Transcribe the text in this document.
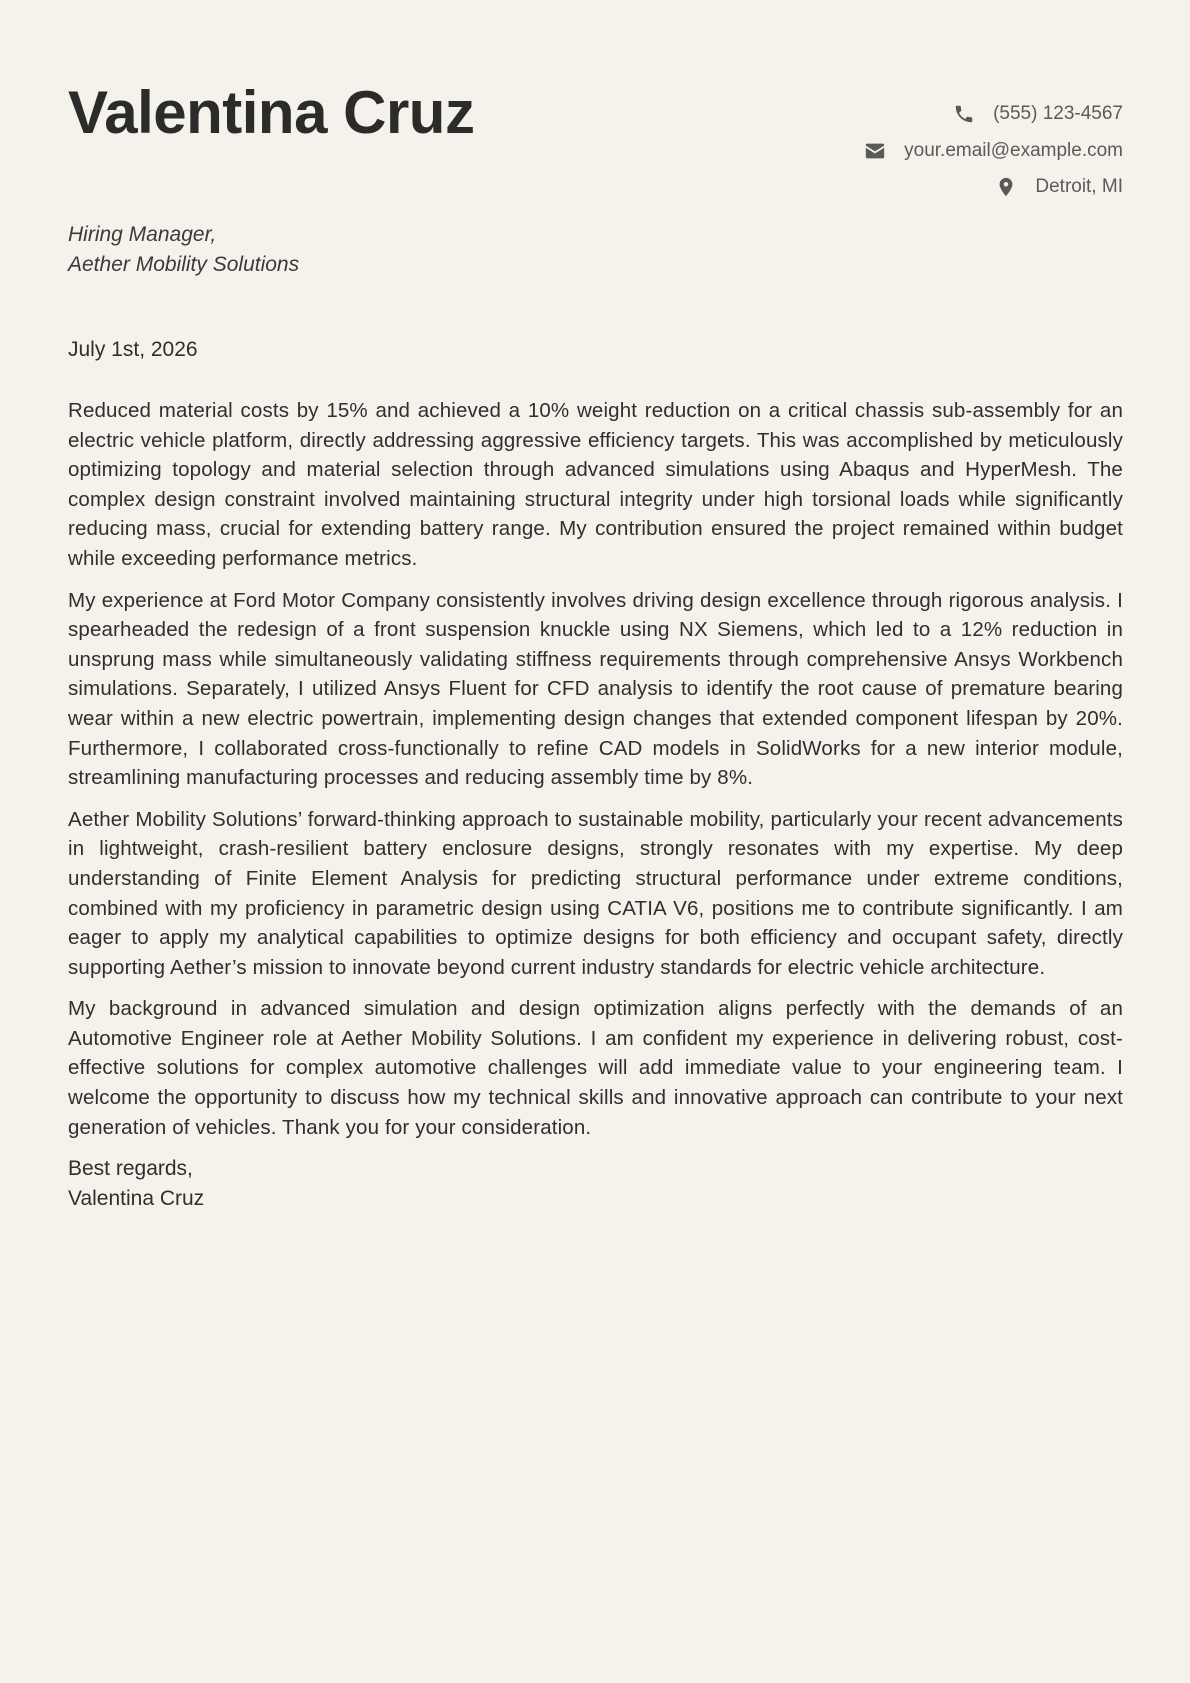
Valentina Cruz	(555) 123-4567
your.email@example.com
Detroit, MI
Hiring Manager,
Aether Mobility Solutions
July 1st, 2026

Reduced material costs by 15% and achieved a 10% weight reduction on a critical chassis sub-assembly for an electric vehicle platform, directly addressing aggressive efficiency targets. This was accomplished by meticulously optimizing topology and material selection through advanced simulations using Abaqus and HyperMesh. The complex design constraint involved maintaining structural integrity under high torsional loads while significantly reducing mass, crucial for extending battery range. My contribution ensured the project remained within budget while exceeding performance metrics.

My experience at Ford Motor Company consistently involves driving design excellence through rigorous analysis. I spearheaded the redesign of a front suspension knuckle using NX Siemens, which led to a 12% reduction in unsprung mass while simultaneously validating stiffness requirements through comprehensive Ansys Workbench simulations. Separately, I utilized Ansys Fluent for CFD analysis to identify the root cause of premature bearing wear within a new electric powertrain, implementing design changes that extended component lifespan by 20%. Furthermore, I collaborated cross-functionally to refine CAD models in SolidWorks for a new interior module, streamlining manufacturing processes and reducing assembly time by 8%.

Aether Mobility Solutions’ forward-thinking approach to sustainable mobility, particularly your recent advancements in lightweight, crash-resilient battery enclosure designs, strongly resonates with my expertise. My deep understanding of Finite Element Analysis for predicting structural performance under extreme conditions, combined with my proficiency in parametric design using CATIA V6, positions me to contribute significantly. I am eager to apply my analytical capabilities to optimize designs for both efficiency and occupant safety, directly supporting Aether’s mission to innovate beyond current industry standards for electric vehicle architecture.

My background in advanced simulation and design optimization aligns perfectly with the demands of an Automotive Engineer role at Aether Mobility Solutions. I am confident my experience in delivering robust, cost-effective solutions for complex automotive challenges will add immediate value to your engineering team. I welcome the opportunity to discuss how my technical skills and innovative approach can contribute to your next generation of vehicles. Thank you for your consideration.

Best regards,
Valentina Cruz
